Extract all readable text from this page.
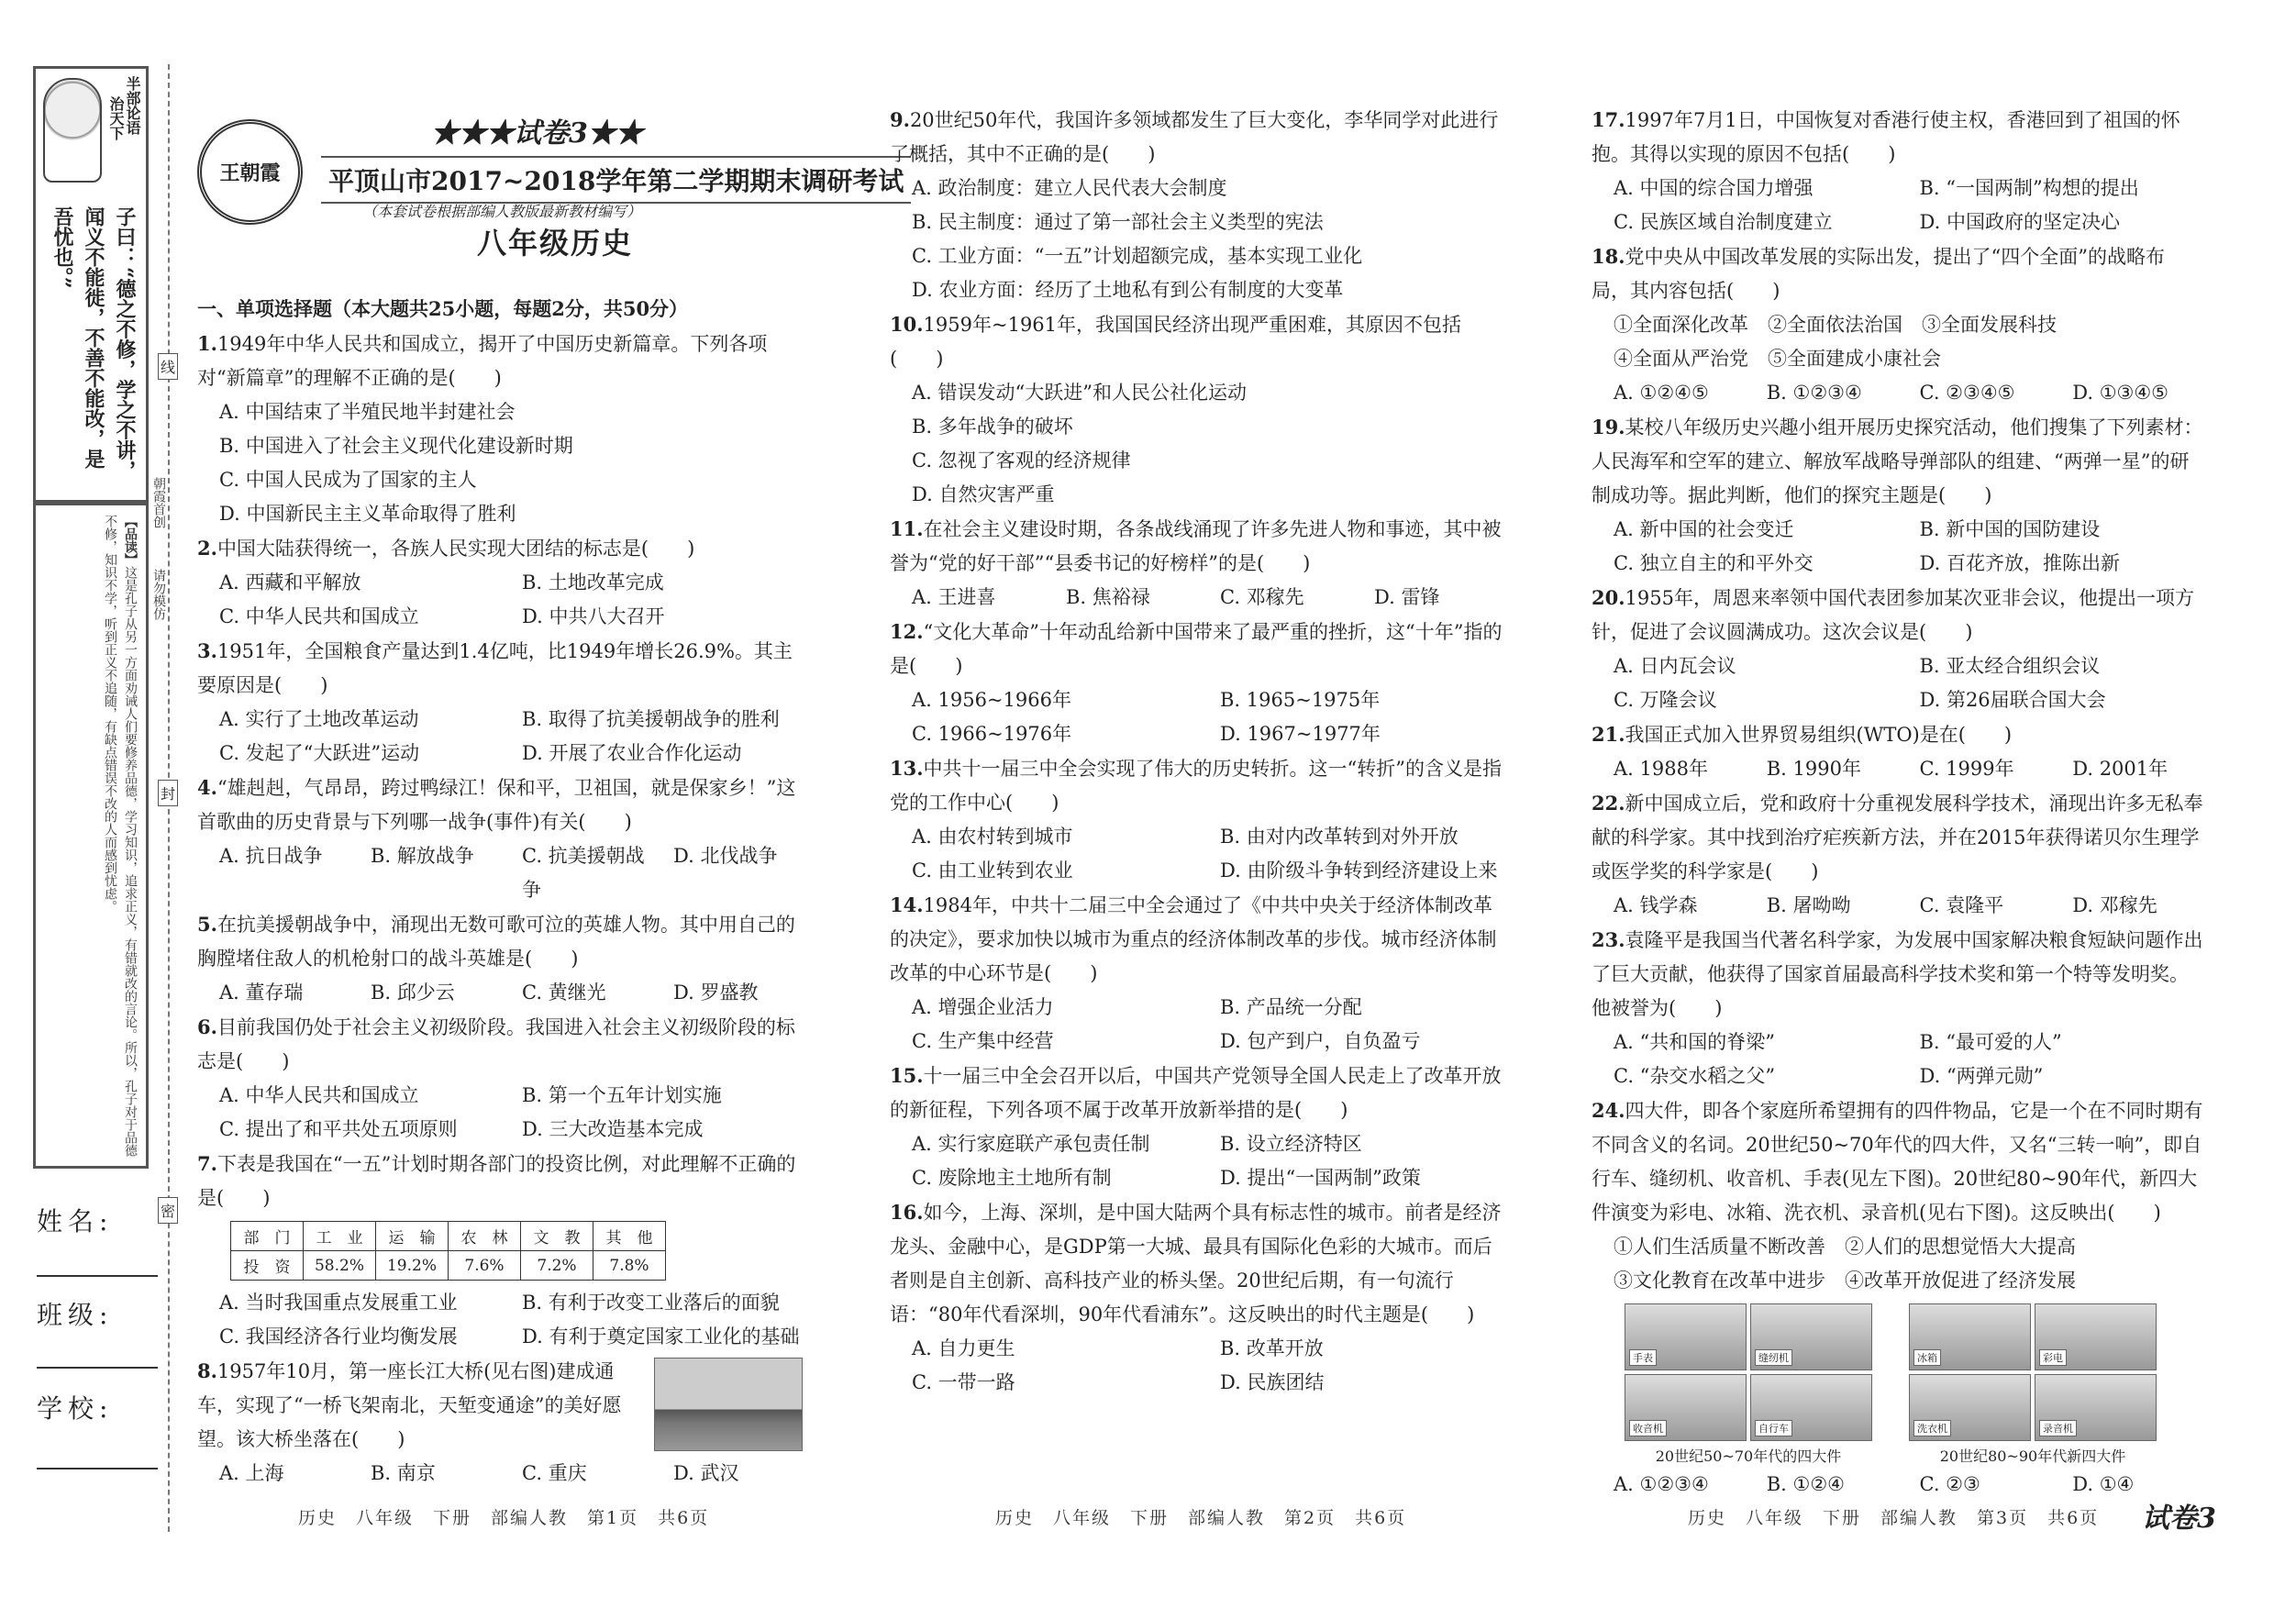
半部论语
治天下
子曰：“德之不修，学之不讲，闻义不能徙，不善不能改，是吾忧也。”
【品读】这是孔子从另一方面劝诫人们要修养品德，学习知识，追求正义，有错就改的言论。所以，孔子对于品德不修，知识不学，听到正义不追随，有缺点错误不改的人而感到忧虑。
线
封
密
朝霞首创
请勿模仿
姓名:
班级:
学校:
王朝霞
★★★试卷3★★
平顶山市2017~2018学年第二学期期末调研考试
（本套试卷根据部编人教版最新教材编写）
八年级历史
一、单项选择题（本大题共25小题，每题2分，共50分）
1.1949年中华人民共和国成立，揭开了中国历史新篇章。下列各项对“新篇章”的理解不正确的是(　　)
A. 中国结束了半殖民地半封建社会
B. 中国进入了社会主义现代化建设新时期
C. 中国人民成为了国家的主人
D. 中国新民主主义革命取得了胜利
2.中国大陆获得统一，各族人民实现大团结的标志是(　　)
A. 西藏和平解放	B. 土地改革完成
C. 中华人民共和国成立	D. 中共八大召开
3.1951年，全国粮食产量达到1.4亿吨，比1949年增长26.9%。其主要原因是(　　)
A. 实行了土地改革运动	B. 取得了抗美援朝战争的胜利
C. 发起了“大跃进”运动	D. 开展了农业合作化运动
4.“雄赳赳，气昂昂，跨过鸭绿江！保和平，卫祖国，就是保家乡！”这首歌曲的历史背景与下列哪一战争(事件)有关(　　)
A. 抗日战争	B. 解放战争	C. 抗美援朝战争
D. 北伐战争
5.在抗美援朝战争中，涌现出无数可歌可泣的英雄人物。其中用自己的胸膛堵住敌人的机枪射口的战斗英雄是(　　)
A. 董存瑞	B. 邱少云	C. 黄继光	D. 罗盛教
6.目前我国仍处于社会主义初级阶段。我国进入社会主义初级阶段的标志是(　　)
A. 中华人民共和国成立	B. 第一个五年计划实施
C. 提出了和平共处五项原则	D. 三大改造基本完成
7.下表是我国在“一五”计划时期各部门的投资比例，对此理解不正确的是(　　)
部　门	工　业	运　输	农　林	文　教	其　他
投　资	58.2%	19.2%	7.6%	7.2%	7.8%
A. 当时我国重点发展重工业	B. 有利于改变工业落后的面貌
C. 我国经济各行业均衡发展	D. 有利于奠定国家工业化的基础
8.1957年10月，第一座长江大桥(见右图)建成通车，实现了“一桥飞架南北，天堑变通途”的美好愿望。该大桥坐落在(　　)
A. 上海	B. 南京	C. 重庆	D. 武汉
9.20世纪50年代，我国许多领域都发生了巨大变化，李华同学对此进行了概括，其中不正确的是(　　)
A. 政治制度：建立人民代表大会制度
B. 民主制度：通过了第一部社会主义类型的宪法
C. 工业方面：“一五”计划超额完成，基本实现工业化
D. 农业方面：经历了土地私有到公有制度的大变革
10.1959年~1961年，我国国民经济出现严重困难，其原因不包括(　　)
A. 错误发动“大跃进”和人民公社化运动
B. 多年战争的破坏
C. 忽视了客观的经济规律
D. 自然灾害严重
11.在社会主义建设时期，各条战线涌现了许多先进人物和事迹，其中被誉为“党的好干部”“县委书记的好榜样”的是(　　)
A. 王进喜	B. 焦裕禄	C. 邓稼先	D. 雷锋
12.“文化大革命”十年动乱给新中国带来了最严重的挫折，这“十年”指的是(　　)
A. 1956~1966年	B. 1965~1975年
C. 1966~1976年	D. 1967~1977年
13.中共十一届三中全会实现了伟大的历史转折。这一“转折”的含义是指党的工作中心(　　)
A. 由农村转到城市	B. 由对内改革转到对外开放
C. 由工业转到农业	D. 由阶级斗争转到经济建设上来
14.1984年，中共十二届三中全会通过了《中共中央关于经济体制改革的决定》，要求加快以城市为重点的经济体制改革的步伐。城市经济体制改革的中心环节是(　　)
A. 增强企业活力	B. 产品统一分配
C. 生产集中经营	D. 包产到户，自负盈亏
15.十一届三中全会召开以后，中国共产党领导全国人民走上了改革开放的新征程，下列各项不属于改革开放新举措的是(　　)
A. 实行家庭联产承包责任制	B. 设立经济特区
C. 废除地主土地所有制	D. 提出“一国两制”政策
16.如今，上海、深圳，是中国大陆两个具有标志性的城市。前者是经济龙头、金融中心，是GDP第一大城、最具有国际化色彩的大城市。而后者则是自主创新、高科技产业的桥头堡。20世纪后期，有一句流行语：“80年代看深圳，90年代看浦东”。这反映出的时代主题是(　　)
A. 自力更生	B. 改革开放
C. 一带一路	D. 民族团结
17.1997年7月1日，中国恢复对香港行使主权，香港回到了祖国的怀抱。其得以实现的原因不包括(　　)
A. 中国的综合国力增强	B. “一国两制”构想的提出
C. 民族区域自治制度建立	D. 中国政府的坚定决心
18.党中央从中国改革发展的实际出发，提出了“四个全面”的战略布局，其内容包括(　　)
①全面深化改革　②全面依法治国　③全面发展科技
④全面从严治党　⑤全面建成小康社会
A. ①②④⑤	B. ①②③④	C. ②③④⑤	D. ①③④⑤
19.某校八年级历史兴趣小组开展历史探究活动，他们搜集了下列素材：人民海军和空军的建立、解放军战略导弹部队的组建、“两弹一星”的研制成功等。据此判断，他们的探究主题是(　　)
A. 新中国的社会变迁	B. 新中国的国防建设
C. 独立自主的和平外交	D. 百花齐放，推陈出新
20.1955年，周恩来率领中国代表团参加某次亚非会议，他提出一项方针，促进了会议圆满成功。这次会议是(　　)
A. 日内瓦会议	B. 亚太经合组织会议
C. 万隆会议	D. 第26届联合国大会
21.我国正式加入世界贸易组织(WTO)是在(　　)
A. 1988年	B. 1990年	C. 1999年	D. 2001年
22.新中国成立后，党和政府十分重视发展科学技术，涌现出许多无私奉献的科学家。其中找到治疗疟疾新方法，并在2015年获得诺贝尔生理学或医学奖的科学家是(　　)
A. 钱学森	B. 屠呦呦	C. 袁隆平	D. 邓稼先
23.袁隆平是我国当代著名科学家，为发展中国家解决粮食短缺问题作出了巨大贡献，他获得了国家首届最高科学技术奖和第一个特等发明奖。他被誉为(　　)
A. “共和国的脊梁”	B. “最可爱的人”
C. “杂交水稻之父”	D. “两弹元勋”
24.四大件，即各个家庭所希望拥有的四件物品，它是一个在不同时期有不同含义的名词。20世纪50~70年代的四大件，又名“三转一响”，即自行车、缝纫机、收音机、手表(见左下图)。20世纪80~90年代，新四大件演变为彩电、冰箱、洗衣机、录音机(见右下图)。这反映出(　　)
①人们生活质量不断改善　②人们的思想觉悟大大提高
③文化教育在改革中进步　④改革开放促进了经济发展
手表	缝纫机
收音机	自行车
20世纪50~70年代的四大件
冰箱	彩电
洗衣机	录音机
20世纪80~90年代新四大件
A. ①②③④	B. ①②④	C. ②③	D. ①④
密
历史　八年级　下册　部编人教　第1页　共6页	历史　八年级　下册　部编人教　第2页　共6页	历史　八年级　下册　部编人教　第3页　共6页 试卷3
